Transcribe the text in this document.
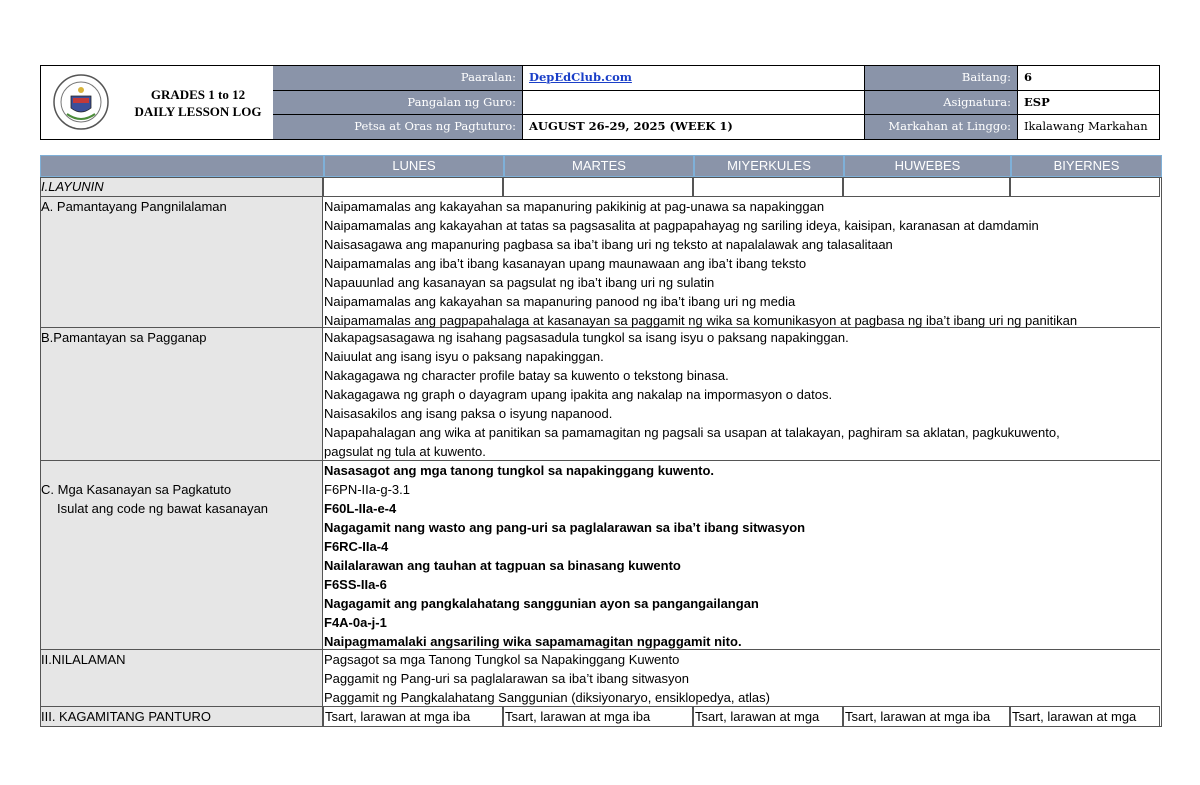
GRADES 1 to 12
DAILY LESSON LOG
Paaralan:	DepEdClub.com	Baitang:	6
Pangalan ng Guro:	Asignatura:	ESP
Petsa at Oras ng Pagtuturo:	AUGUST 26-29, 2025 (WEEK 1)	Markahan at Linggo:	Ikalawang Markahan
LUNES	MARTES	MIYERKULES	HUWEBES	BIYERNES
I.LAYUNIN
A. Pamantayang Pangnilalaman	Naipamamalas ang kakayahan sa mapanuring pakikinig at pag-unawa sa napakinggan
Naipamamalas ang kakayahan at tatas sa pagsasalita at pagpapahayag ng sariling ideya, kaisipan, karanasan at damdamin
Naisasagawa ang mapanuring pagbasa sa iba’t ibang uri ng teksto at napalalawak ang talasalitaan
Naipamamalas ang iba’t ibang kasanayan upang maunawaan ang iba’t ibang teksto
Napauunlad ang kasanayan sa pagsulat ng iba’t ibang uri ng sulatin
Naipamamalas ang kakayahan sa mapanuring panood ng iba’t ibang uri ng media
Naipamamalas ang pagpapahalaga at kasanayan sa paggamit ng wika sa komunikasyon at pagbasa ng iba’t ibang uri ng panitikan
B.Pamantayan sa Pagganap	Nakapagsasagawa ng isahang pagsasadula tungkol sa isang isyu o paksang napakinggan.
Naiuulat ang isang isyu o paksang napakinggan.
Nakagagawa ng character profile batay sa kuwento o tekstong binasa.
Nakagagawa ng graph o dayagram upang ipakita ang nakalap na impormasyon o datos.
Naisasakilos ang isang paksa o isyung napanood.
Napapahalagan ang wika at panitikan sa pamamagitan ng pagsali sa usapan at talakayan, paghiram sa aklatan, pagkukuwento,
pagsulat ng tula at kuwento.
C. Mga Kasanayan sa Pagkatuto
Isulat ang code ng bawat kasanayan
Nasasagot ang mga tanong tungkol sa napakinggang kuwento.
F6PN-IIa-g-3.1
F60L-IIa-e-4
Nagagamit nang wasto ang pang-uri sa paglalarawan sa iba’t ibang sitwasyon
F6RC-IIa-4
Nailalarawan ang tauhan at tagpuan sa binasang kuwento
F6SS-IIa-6
Nagagamit ang pangkalahatang sanggunian ayon sa pangangailangan
F4A-0a-j-1
Naipagmamalaki angsariling wika sapamamagitan ngpaggamit nito.
II.NILALAMAN	Pagsagot sa mga Tanong Tungkol sa Napakinggang Kuwento
Paggamit ng Pang-uri sa paglalarawan sa iba’t ibang sitwasyon
Paggamit ng Pangkalahatang Sanggunian (diksiyonaryo, ensiklopedya, atlas)
III. KAGAMITANG PANTURO	Tsart, larawan at mga iba	Tsart, larawan at mga iba	Tsart, larawan at mga	Tsart, larawan at mga iba	Tsart, larawan at mga
